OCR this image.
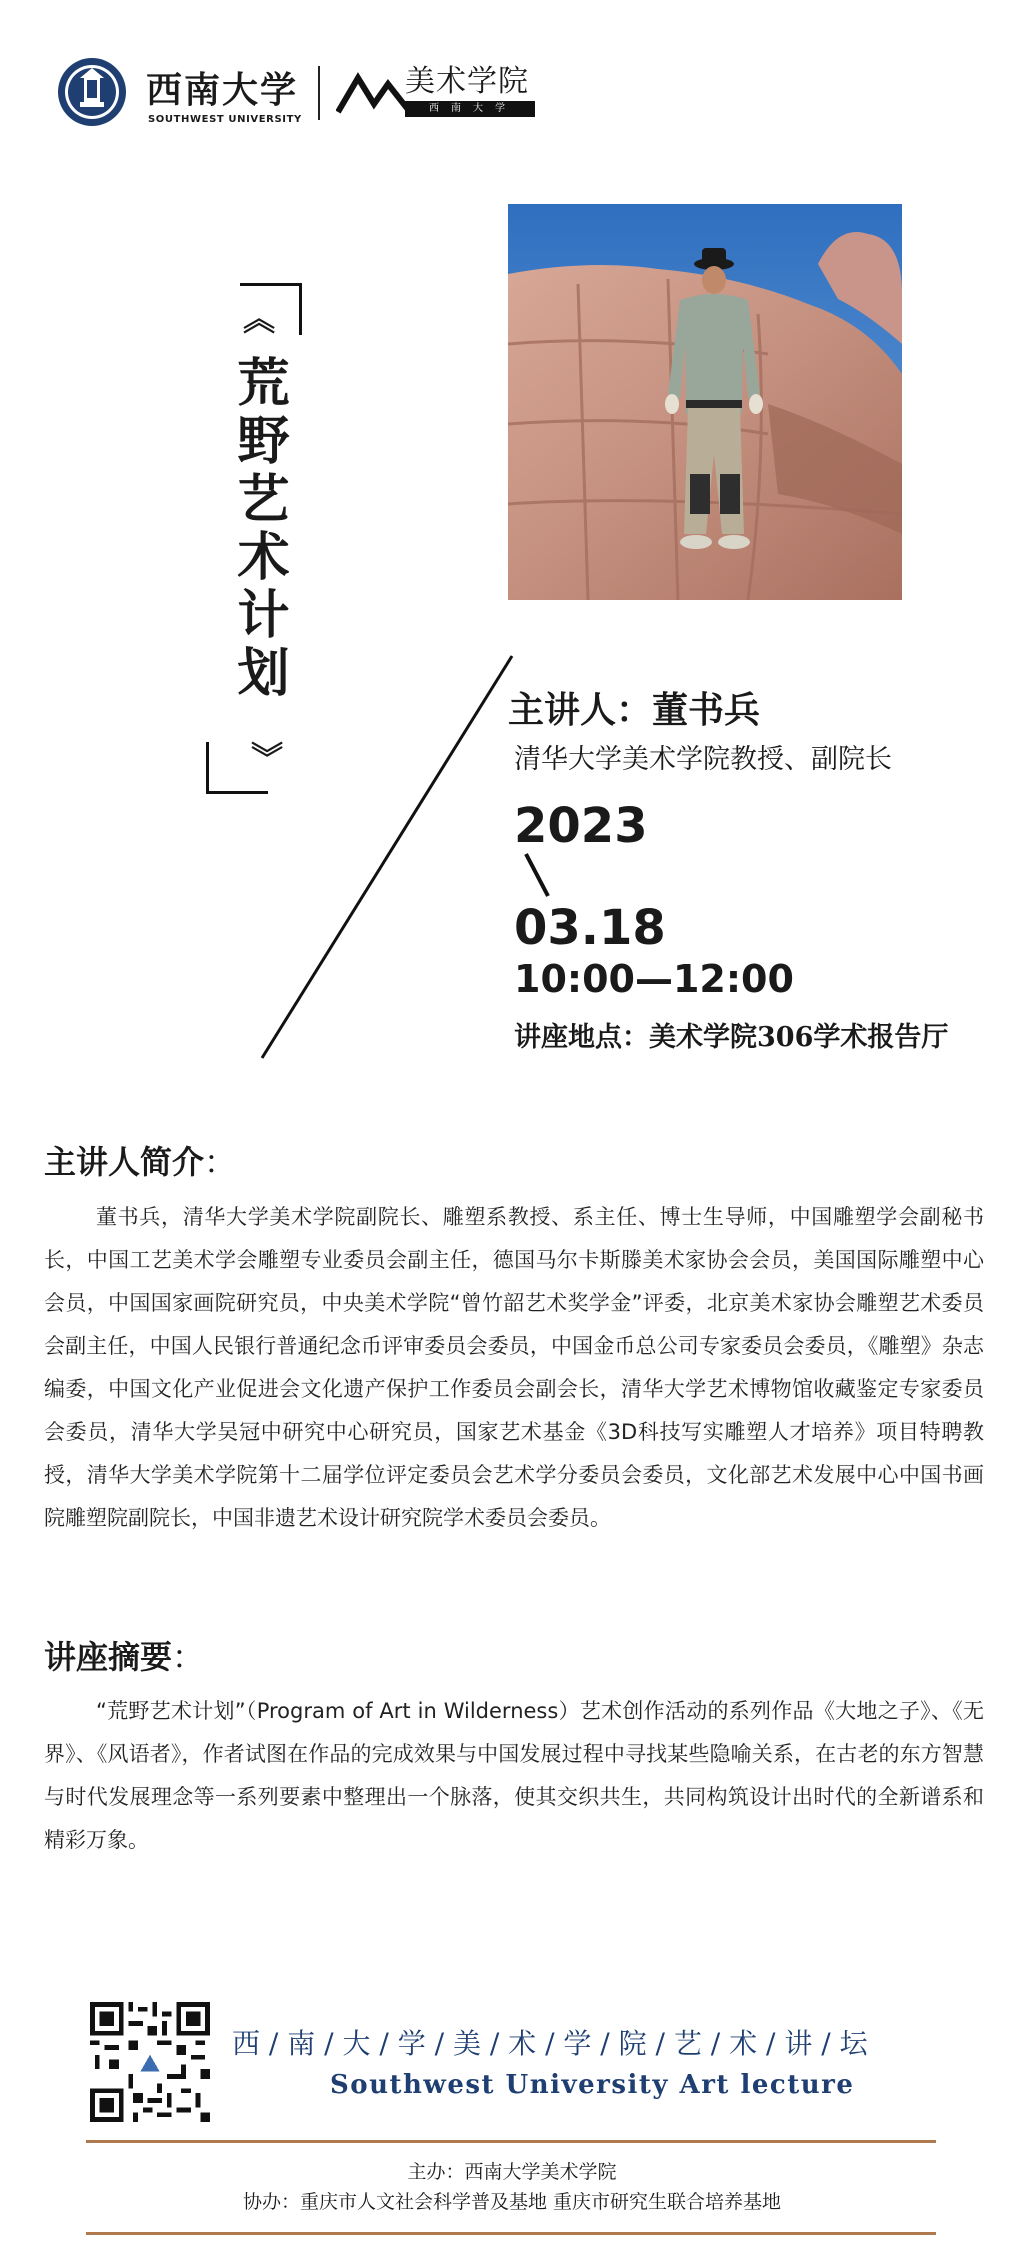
西南大学
SOUTHWEST UNIVERSITY
美术学院
西南大学
《
荒野艺术计划
》
主讲人：董书兵
清华大学美术学院教授、副院长
2023
03.18
10:00—12:00
讲座地点：美术学院306学术报告厅
主讲人简介：
董书兵，清华大学美术学院副院长、雕塑系教授、系主任、博士生导师，中国雕塑学会副秘书长，中国工艺美术学会雕塑专业委员会副主任，德国马尔卡斯滕美术家协会会员，美国国际雕塑中心会员，中国国家画院研究员，中央美术学院“曾竹韶艺术奖学金”评委，北京美术家协会雕塑艺术委员会副主任，中国人民银行普通纪念币评审委员会委员，中国金币总公司专家委员会委员，《雕塑》杂志编委，中国文化产业促进会文化遗产保护工作委员会副会长，清华大学艺术博物馆收藏鉴定专家委员会委员，清华大学吴冠中研究中心研究员，国家艺术基金《3D科技写实雕塑人才培养》项目特聘教授，清华大学美术学院第十二届学位评定委员会艺术学分委员会委员，文化部艺术发展中心中国书画院雕塑院副院长，中国非遗艺术设计研究院学术委员会委员。
讲座摘要：
“荒野艺术计划”（Program of Art in Wilderness）艺术创作活动的系列作品《大地之子》、《无界》、《风语者》，作者试图在作品的完成效果与中国发展过程中寻找某些隐喻关系，在古老的东方智慧与时代发展理念等一系列要素中整理出一个脉落，使其交织共生，共同构筑设计出时代的全新谱系和精彩万象。
西 / 南 / 大 / 学 / 美 / 术 / 学 / 院 / 艺 / 术 / 讲 / 坛
Southwest University Art lecture
主办：西南大学美术学院
协办：重庆市人文社会科学普及基地 重庆市研究生联合培养基地
